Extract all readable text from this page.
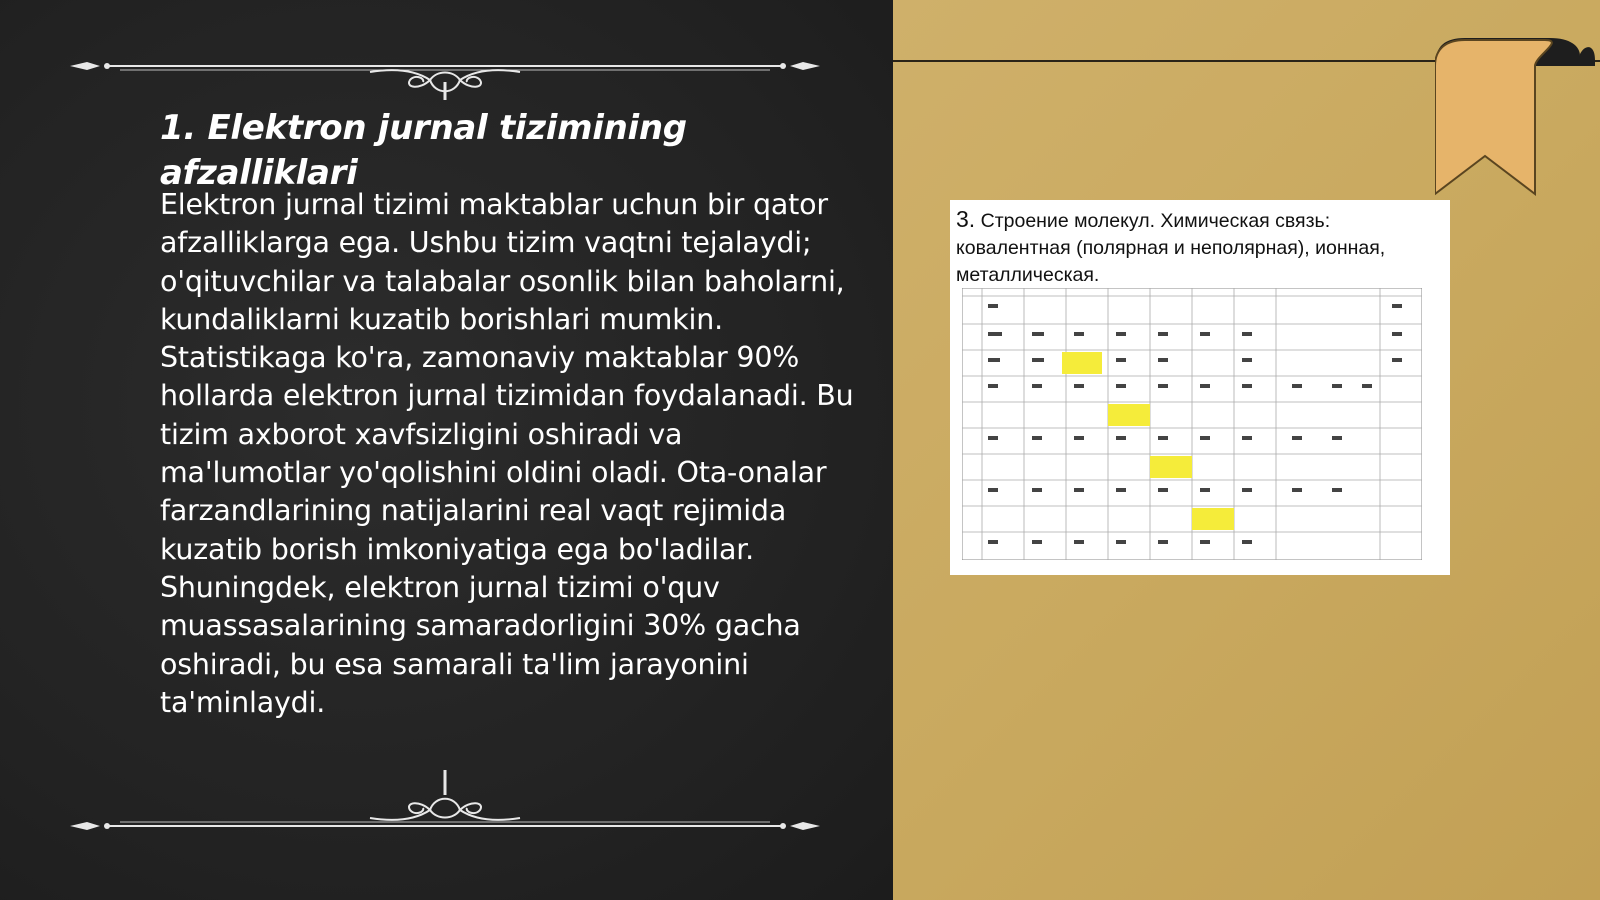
1. Elektron jurnal tizimining afzalliklari

Elektron jurnal tizimi maktablar uchun bir qator afzalliklarga ega. Ushbu tizim vaqtni tejalaydi; o'qituvchilar va talabalar osonlik bilan baholarni, kundaliklarni kuzatib borishlari mumkin. Statistikaga ko'ra, zamonaviy maktablar 90% hollarda elektron jurnal tizimidan foydalanadi. Bu tizim axborot xavfsizligini oshiradi va ma'lumotlar yo'qolishini oldini oladi. Ota-onalar farzandlarining natijalarini real vaqt rejimida kuzatib borish imkoniyatiga ega bo'ladilar. Shuningdek, elektron jurnal tizimi o'quv muassasalarining samaradorligini 30% gacha oshiradi, bu esa samarali ta'lim jarayonini ta'minlaydi.

3. Строение молекул. Химическая связь: ковалентная (полярная и неполярная), ионная, металлическая.
